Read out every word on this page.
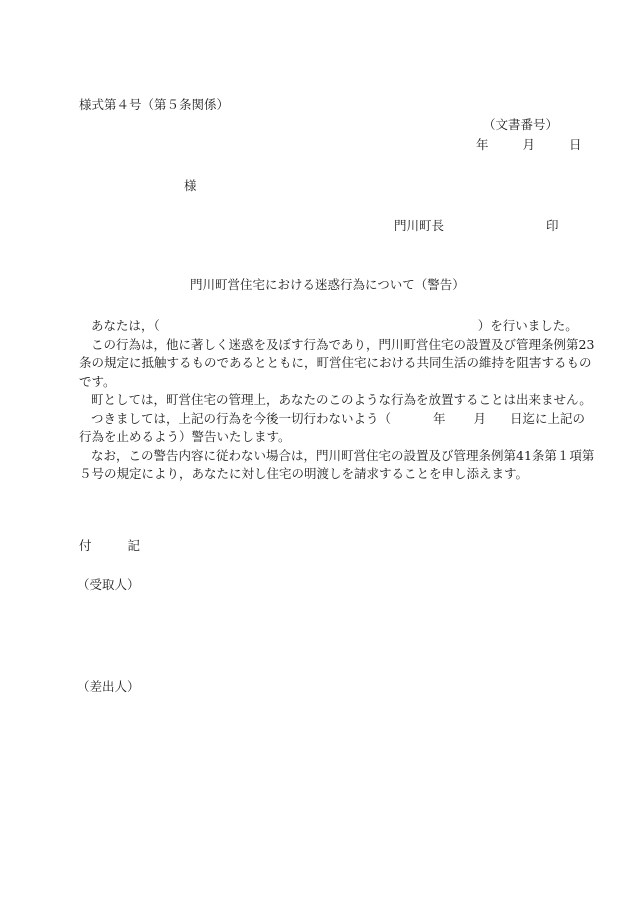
様式第４号（第５条関係）
（文書番号）
年	月	日
様
門川町長	印
門川町営住宅における迷惑行為について（警告）
あなたは，（	）を行いました。
この行為は，他に著しく迷惑を及ぼす行為であり，門川町営住宅の設置及び管理条例第23
条の規定に抵触するものであるとともに，町営住宅における共同生活の維持を阻害するもの
です。
町としては，町営住宅の管理上，あなたのこのような行為を放置することは出来ません。
つきましては，上記の行為を今後一切行わないよう（	年 月 日迄に上記の
行為を止めるよう）警告いたします。
なお，この警告内容に従わない場合は，門川町営住宅の設置及び管理条例第41条第１項第
５号の規定により，あなたに対し住宅の明渡しを請求することを申し添えます。
付	記
（受取人）
（差出人）
